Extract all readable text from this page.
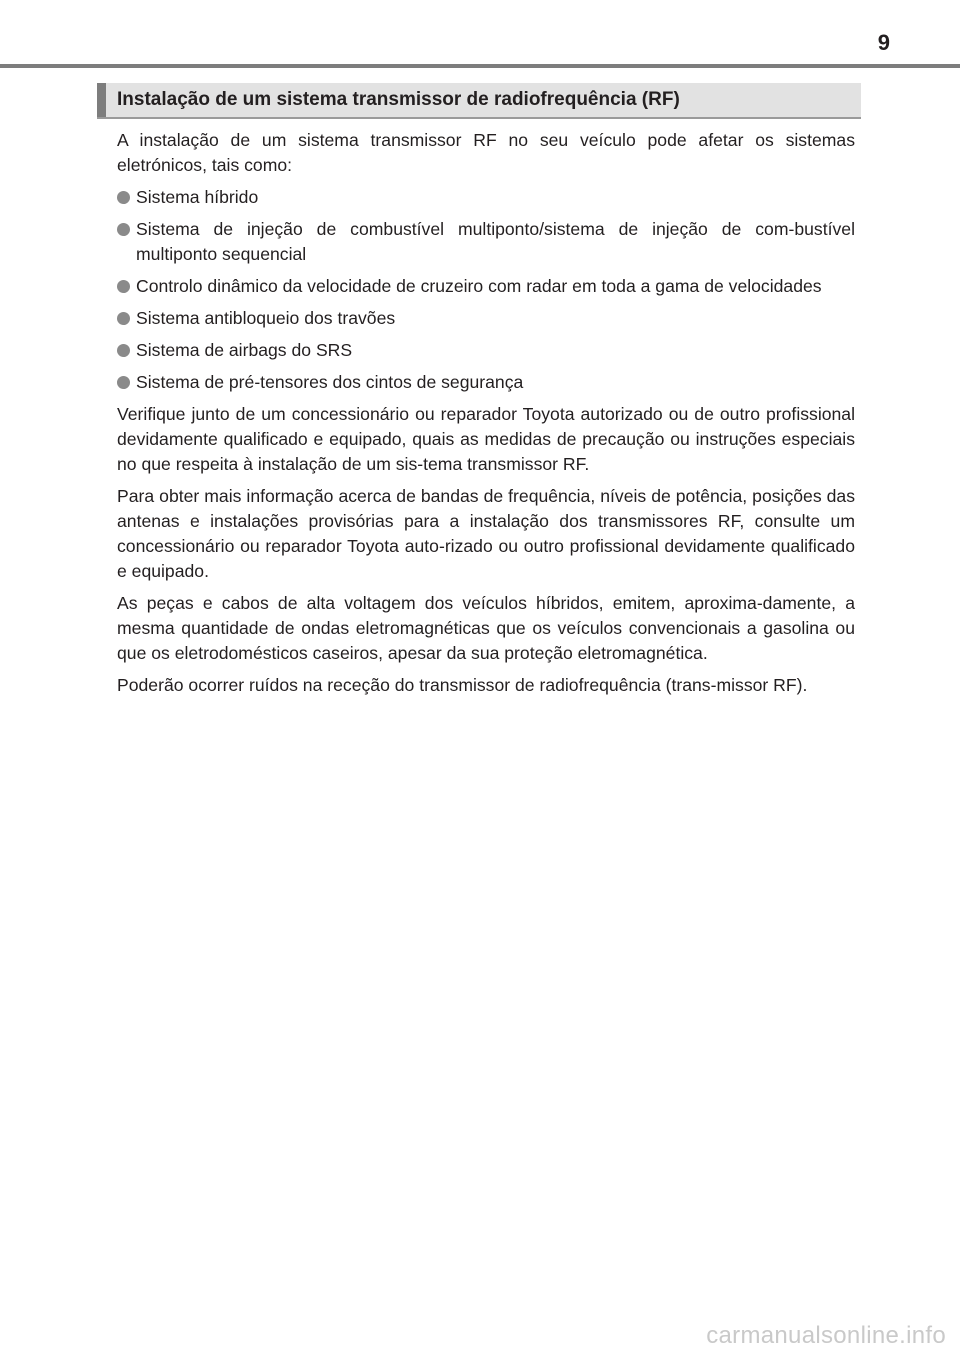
9
Instalação de um sistema transmissor de radiofrequência (RF)

A instalação de um sistema transmissor RF no seu veículo pode afetar os sistemas eletrónicos, tais como:

Sistema híbrido
Sistema de injeção de combustível multiponto/sistema de injeção de com-bustível multiponto sequencial
Controlo dinâmico da velocidade de cruzeiro com radar em toda a gama de velocidades
Sistema antibloqueio dos travões
Sistema de airbags do SRS
Sistema de pré-tensores dos cintos de segurança

Verifique junto de um concessionário ou reparador Toyota autorizado ou de outro profissional devidamente qualificado e equipado, quais as medidas de precaução ou instruções especiais no que respeita à instalação de um sis-tema transmissor RF.

Para obter mais informação acerca de bandas de frequência, níveis de potência, posições das antenas e instalações provisórias para a instalação dos transmissores RF, consulte um concessionário ou reparador Toyota auto-rizado ou outro profissional devidamente qualificado e equipado.

As peças e cabos de alta voltagem dos veículos híbridos, emitem, aproxima-damente, a mesma quantidade de ondas eletromagnéticas que os veículos convencionais a gasolina ou que os eletrodomésticos caseiros, apesar da sua proteção eletromagnética.

Poderão ocorrer ruídos na receção do transmissor de radiofrequência (trans-missor RF).

carmanualsonline.info
